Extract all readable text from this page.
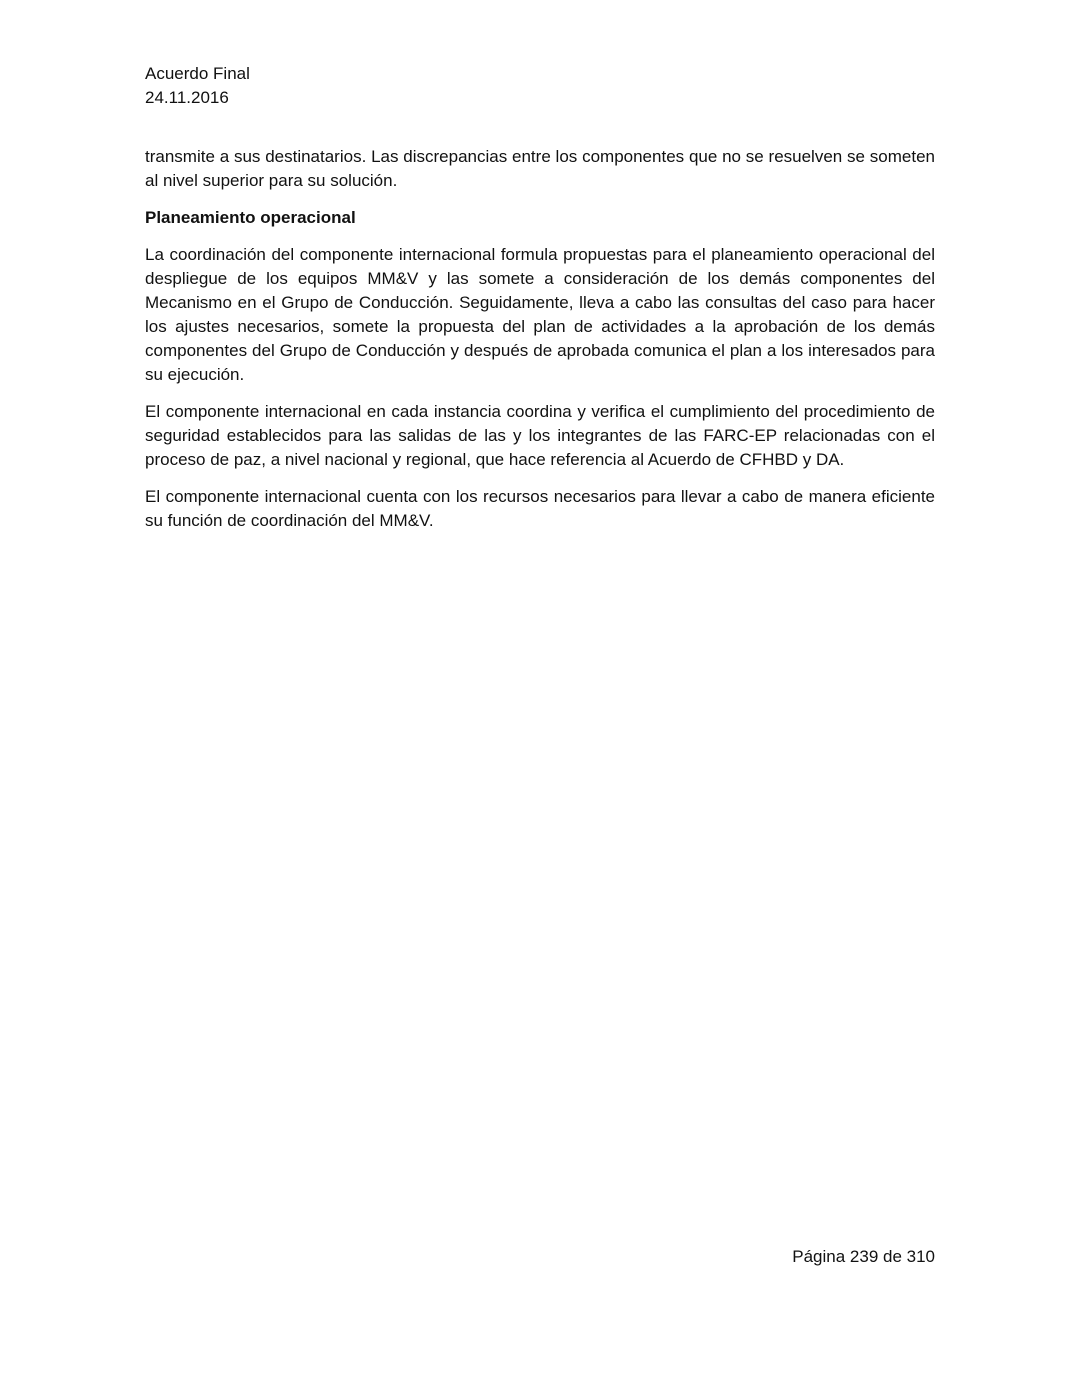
Acuerdo Final
24.11.2016

transmite a sus destinatarios. Las discrepancias entre los componentes que no se resuelven se someten al nivel superior para su solución.

Planeamiento operacional

La coordinación del componente internacional formula propuestas para el planeamiento operacional del despliegue de los equipos MM&V y las somete a consideración de los demás componentes del Mecanismo en el Grupo de Conducción. Seguidamente, lleva a cabo las consultas del caso para hacer los ajustes necesarios, somete la propuesta del plan de actividades a la aprobación de los demás componentes del Grupo de Conducción y después de aprobada comunica el plan a los interesados para su ejecución.

El componente internacional en cada instancia coordina y verifica el cumplimiento del procedimiento de seguridad establecidos para las salidas de las y los integrantes de las FARC-EP relacionadas con el proceso de paz, a nivel nacional y regional, que hace referencia al Acuerdo de CFHBD y DA.

El componente internacional cuenta con los recursos necesarios para llevar a cabo de manera eficiente su función de coordinación del MM&V.

Página 239 de 310
